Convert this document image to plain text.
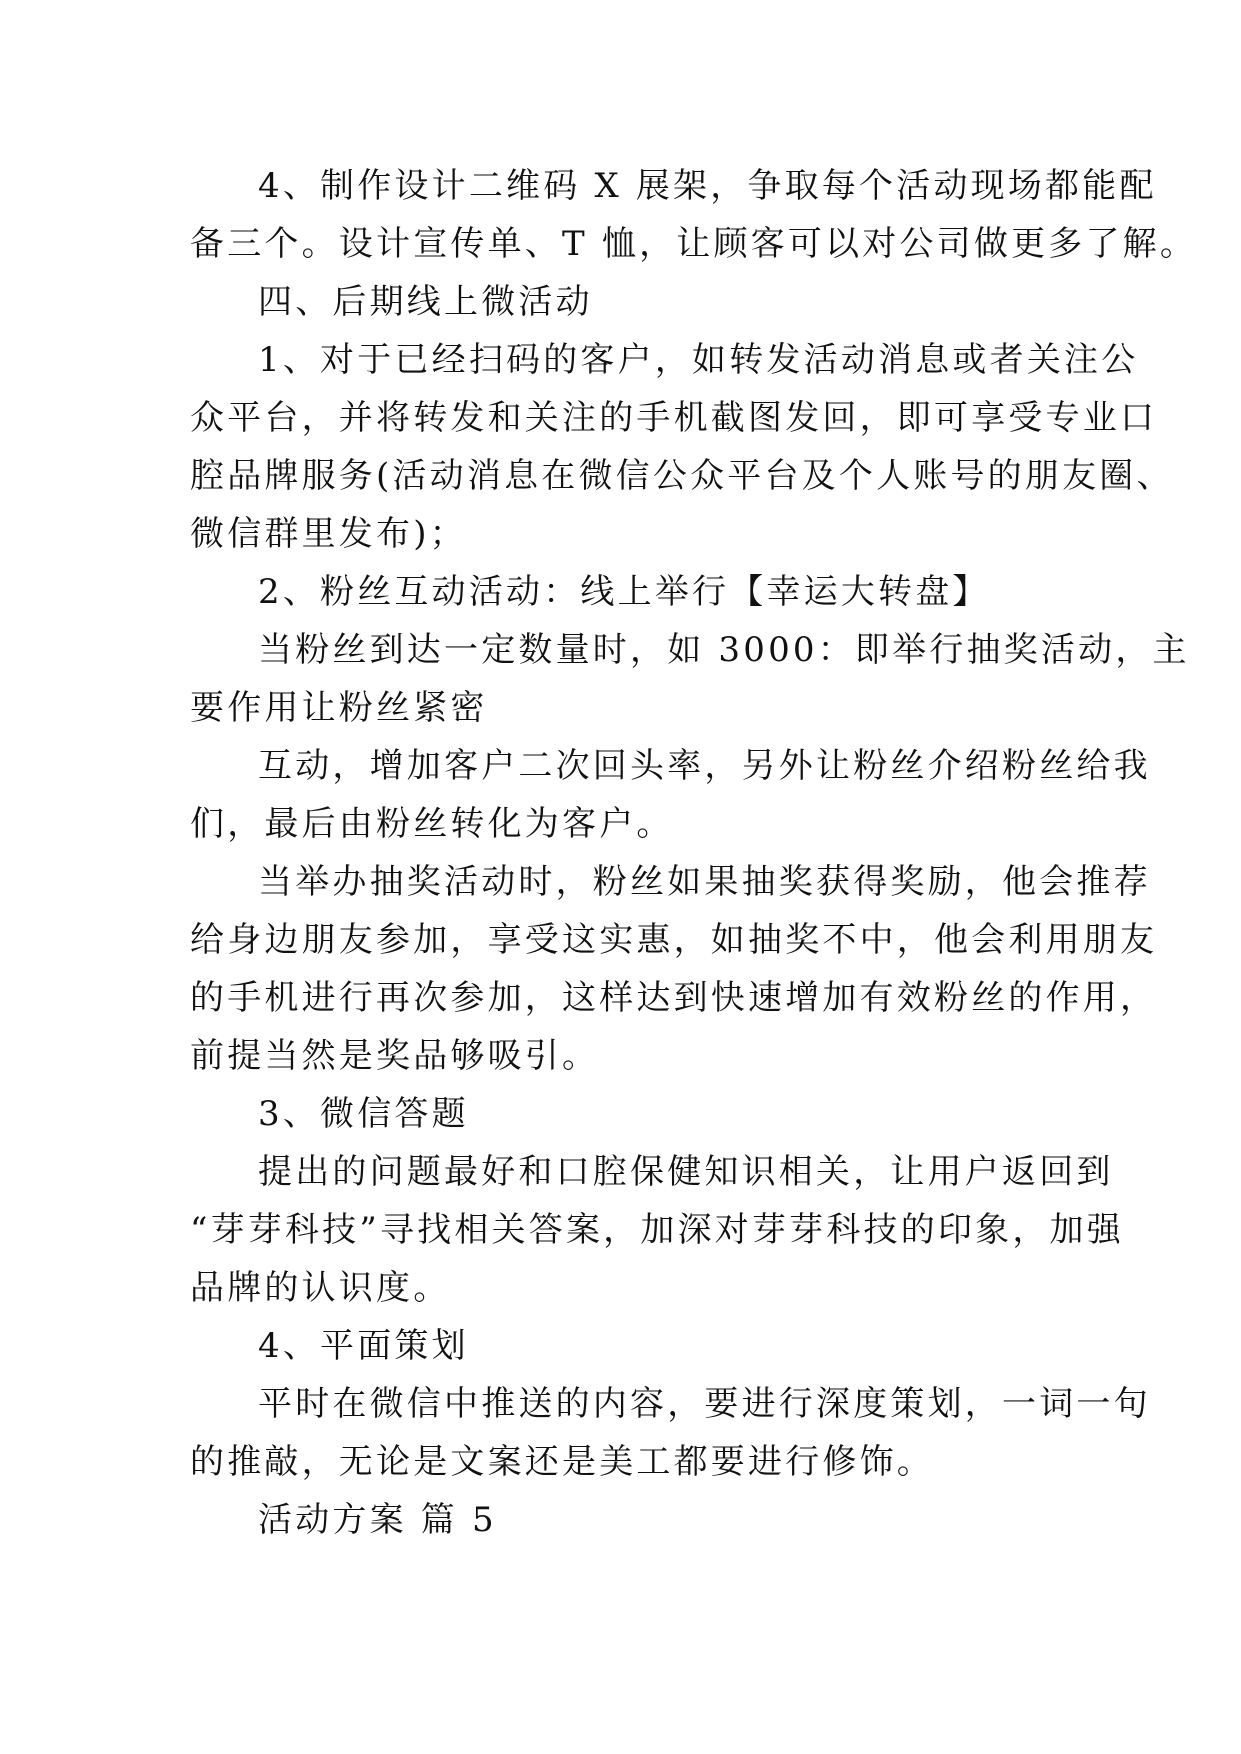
4、制作设计二维码 X 展架，争取每个活动现场都能配
备三个。设计宣传单、T 恤，让顾客可以对公司做更多了解。
四、后期线上微活动
1、对于已经扫码的客户，如转发活动消息或者关注公
众平台，并将转发和关注的手机截图发回，即可享受专业口
腔品牌服务(活动消息在微信公众平台及个人账号的朋友圈、
微信群里发布)；
2、粉丝互动活动：线上举行【幸运大转盘】
当粉丝到达一定数量时，如 3000：即举行抽奖活动，主
要作用让粉丝紧密
互动，增加客户二次回头率，另外让粉丝介绍粉丝给我
们，最后由粉丝转化为客户。
当举办抽奖活动时，粉丝如果抽奖获得奖励，他会推荐
给身边朋友参加，享受这实惠，如抽奖不中，他会利用朋友
的手机进行再次参加，这样达到快速增加有效粉丝的作用，
前提当然是奖品够吸引。
3、微信答题
提出的问题最好和口腔保健知识相关，让用户返回到
“芽芽科技”寻找相关答案，加深对芽芽科技的印象，加强
品牌的认识度。
4、平面策划
平时在微信中推送的内容，要进行深度策划，一词一句
的推敲，无论是文案还是美工都要进行修饰。
活动方案 篇 5
